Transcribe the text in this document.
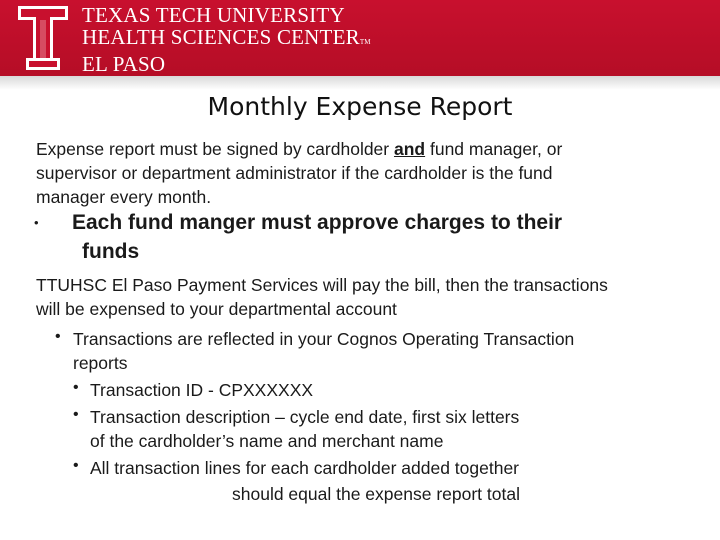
TEXAS TECH UNIVERSITY
HEALTH SCIENCES CENTERTM
EL PASO
Monthly Expense Report
Expense report must be signed by cardholder and fund manager, or
supervisor or department administrator if the cardholder is the fund
manager every month.
• Each fund manger must approve charges to their
funds
TTUHSC El Paso Payment Services will pay the bill, then the transactions
will be expensed to your departmental account
• Transactions are reflected in your Cognos Operating Transaction
reports
• Transaction ID - CPXXXXXX
• Transaction description – cycle end date, first six letters
of the cardholder’s name and merchant name
• All transaction lines for each cardholder added together
should equal the expense report total
